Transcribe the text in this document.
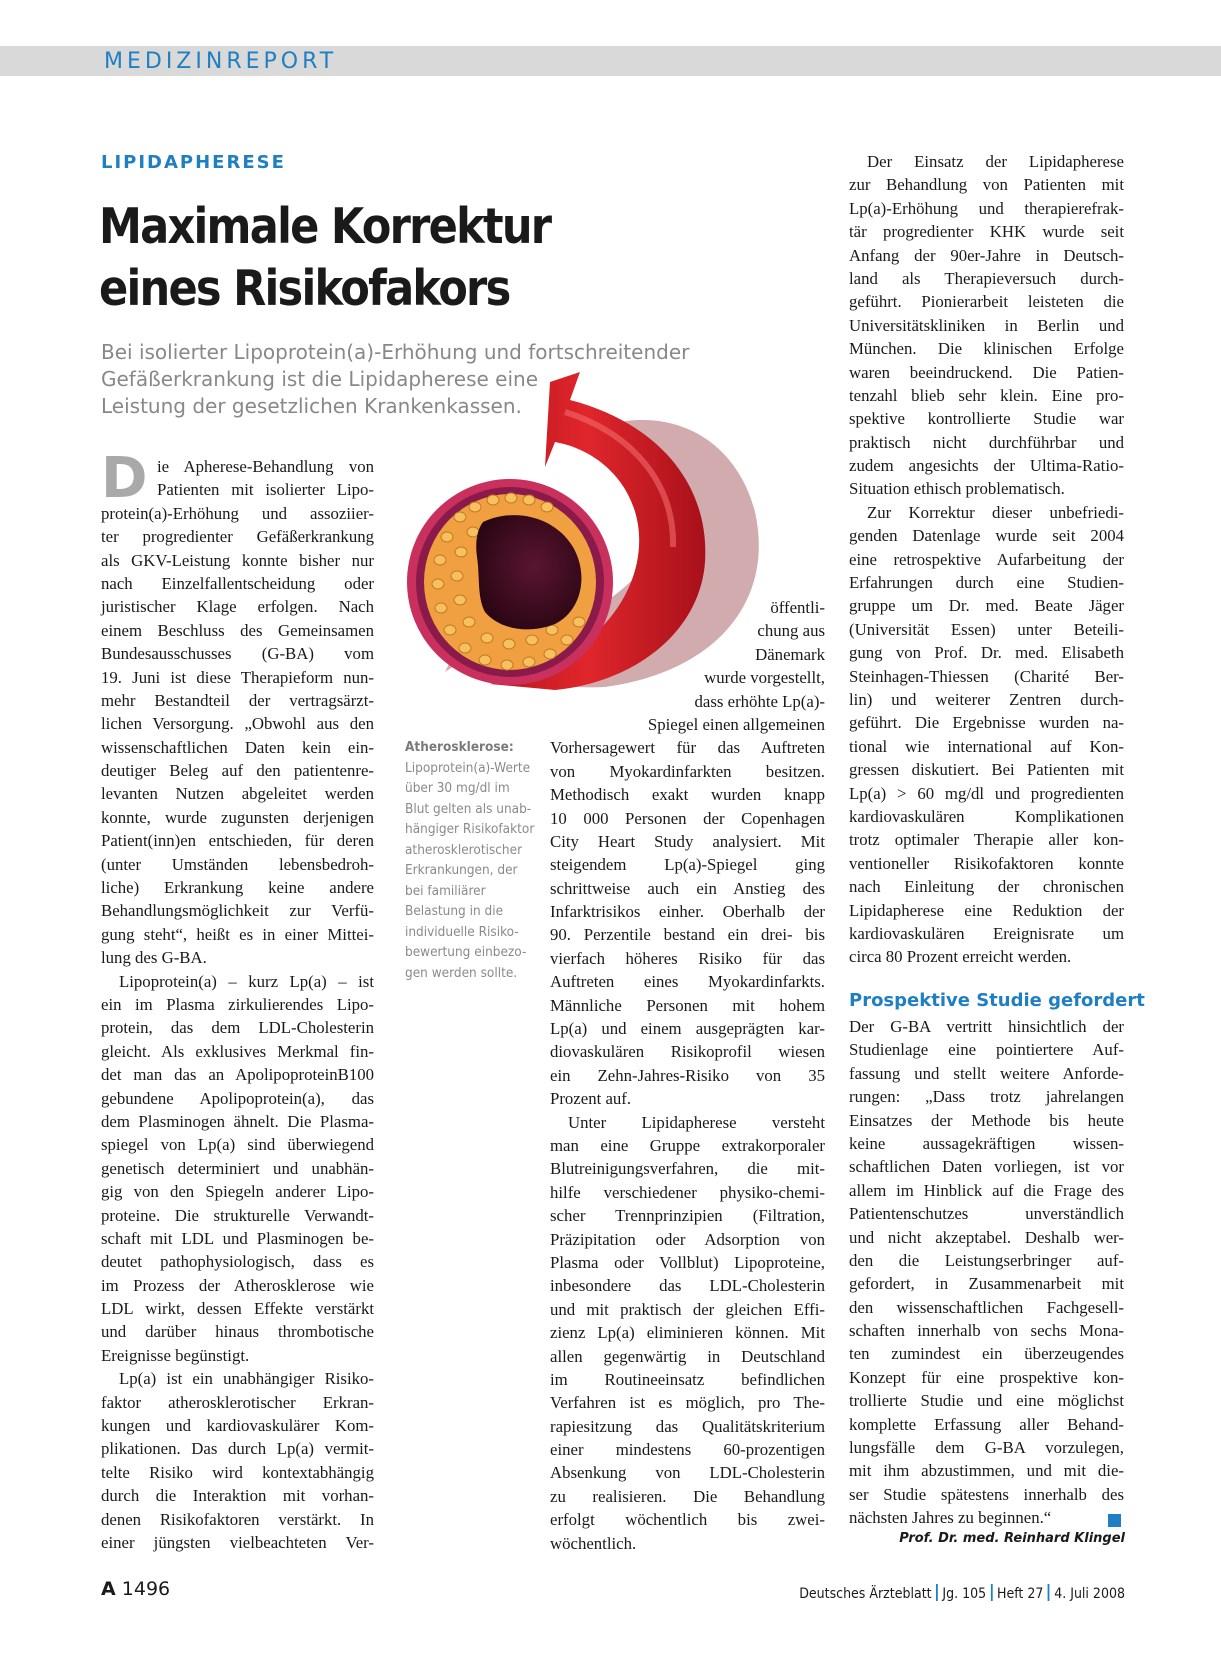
MEDIZINREPORT

LIPIDAPHERESE

Maximale Korrektur
eines Risikofakors

Bei isolierter Lipoprotein(a)-Erhöhung und fortschreitender
Gefäßerkrankung ist die Lipidapherese eine
Leistung der gesetzlichen Krankenkassen.

Atherosklerose:
Lipoprotein(a)-Werte
über 30 mg/dl im
Blut gelten als unab-
hängiger Risikofaktor
atherosklerotischer
Erkrankungen, der
bei familiärer
Belastung in die
individuelle Risiko-
bewertung einbezo-
gen werden sollte.
D ie Apherese-Behandlung von
Patienten mit isolierter Lipo-
protein(a)-Erhöhung und assoziier-
ter progredienter Gefäßerkrankung
als GKV-Leistung konnte bisher nur
nach Einzelfallentscheidung oder
juristischer Klage erfolgen. Nach
einem Beschluss des Gemeinsamen
Bundesausschusses (G-BA) vom
19. Juni ist diese Therapieform nun-
mehr Bestandteil der vertragsärzt-
lichen Versorgung. „Obwohl aus den
wissenschaftlichen Daten kein ein-
deutiger Beleg auf den patientenre-
levanten Nutzen abgeleitet werden
konnte, wurde zugunsten derjenigen
Patient(inn)en entschieden, für deren
(unter Umständen lebensbedroh-
liche) Erkrankung keine andere
Behandlungsmöglichkeit zur Verfü-
gung steht“, heißt es in einer Mittei-
lung des G-BA.
Lipoprotein(a) – kurz Lp(a) – ist
ein im Plasma zirkulierendes Lipo-
protein, das dem LDL-Cholesterin
gleicht. Als exklusives Merkmal fin-
det man das an ApolipoproteinB100
gebundene Apolipoprotein(a), das
dem Plasminogen ähnelt. Die Plasma-
spiegel von Lp(a) sind überwiegend
genetisch determiniert und unabhän-
gig von den Spiegeln anderer Lipo-
proteine. Die strukturelle Verwandt-
schaft mit LDL und Plasminogen be-
deutet pathophysiologisch, dass es
im Prozess der Atherosklerose wie
LDL wirkt, dessen Effekte verstärkt
und darüber hinaus thrombotische
Ereignisse begünstigt.
Lp(a) ist ein unabhängiger Risiko-
faktor atherosklerotischer Erkran-
kungen und kardiovaskulärer Kom-
plikationen. Das durch Lp(a) vermit-
telte Risiko wird kontextabhängig
durch die Interaktion mit vorhan-
denen Risikofaktoren verstärkt. In
einer jüngsten vielbeachteten Ver-
öffentli-
chung aus
Dänemark
wurde vorgestellt,
dass erhöhte Lp(a)-
Spiegel einen allgemeinen
Vorhersagewert für das Auftreten
von Myokardinfarkten besitzen.
Methodisch exakt wurden knapp
10 000 Personen der Copenhagen
City Heart Study analysiert. Mit
steigendem Lp(a)-Spiegel ging
schrittweise auch ein Anstieg des
Infarktrisikos einher. Oberhalb der
90. Perzentile bestand ein drei- bis
vierfach höheres Risiko für das
Auftreten eines Myokardinfarkts.
Männliche Personen mit hohem
Lp(a) und einem ausgeprägten kar-
diovaskulären Risikoprofil wiesen
ein Zehn-Jahres-Risiko von 35
Prozent auf.
Unter Lipidapherese versteht
man eine Gruppe extrakorporaler
Blutreinigungsverfahren, die mit-
hilfe verschiedener physiko-chemi-
scher Trennprinzipien (Filtration,
Präzipitation oder Adsorption von
Plasma oder Vollblut) Lipoproteine,
inbesondere das LDL-Cholesterin
und mit praktisch der gleichen Effi-
zienz Lp(a) eliminieren können. Mit
allen gegenwärtig in Deutschland
im Routineeinsatz befindlichen
Verfahren ist es möglich, pro The-
rapiesitzung das Qualitätskriterium
einer mindestens 60-prozentigen
Absenkung von LDL-Cholesterin
zu realisieren. Die Behandlung
erfolgt wöchentlich bis zwei-
wöchentlich.
Der Einsatz der Lipidapherese
zur Behandlung von Patienten mit
Lp(a)-Erhöhung und therapierefrak-
tär progredienter KHK wurde seit
Anfang der 90er-Jahre in Deutsch-
land als Therapieversuch durch-
geführt. Pionierarbeit leisteten die
Universitätskliniken in Berlin und
München. Die klinischen Erfolge
waren beeindruckend. Die Patien-
tenzahl blieb sehr klein. Eine pro-
spektive kontrollierte Studie war
praktisch nicht durchführbar und
zudem angesichts der Ultima-Ratio-
Situation ethisch problematisch.
Zur Korrektur dieser unbefriedi-
genden Datenlage wurde seit 2004
eine retrospektive Aufarbeitung der
Erfahrungen durch eine Studien-
gruppe um Dr. med. Beate Jäger
(Universität Essen) unter Beteili-
gung von Prof. Dr. med. Elisabeth
Steinhagen-Thiessen (Charité Ber-
lin) und weiterer Zentren durch-
geführt. Die Ergebnisse wurden na-
tional wie international auf Kon-
gressen diskutiert. Bei Patienten mit
Lp(a) > 60 mg/dl und progredienten
kardiovaskulären Komplikationen
trotz optimaler Therapie aller kon-
ventioneller Risikofaktoren konnte
nach Einleitung der chronischen
Lipidapherese eine Reduktion der
kardiovaskulären Ereignisrate um
circa 80 Prozent erreicht werden.
Prospektive Studie gefordert
Der G-BA vertritt hinsichtlich der
Studienlage eine pointiertere Auf-
fassung und stellt weitere Anforde-
rungen: „Dass trotz jahrelangen
Einsatzes der Methode bis heute
keine aussagekräftigen wissen-
schaftlichen Daten vorliegen, ist vor
allem im Hinblick auf die Frage des
Patientenschutzes unverständlich
und nicht akzeptabel. Deshalb wer-
den die Leistungserbringer auf-
gefordert, in Zusammenarbeit mit
den wissenschaftlichen Fachgesell-
schaften innerhalb von sechs Mona-
ten zumindest ein überzeugendes
Konzept für eine prospektive kon-
trollierte Studie und eine möglichst
komplette Erfassung aller Behand-
lungsfälle dem G-BA vorzulegen,
mit ihm abzustimmen, und mit die-
ser Studie spätestens innerhalb des
nächsten Jahres zu beginnen.“
Prof. Dr. med. Reinhard Klingel
A 1496	Deutsches Ärzteblatt Jg. 105 Heft 27 4. Juli 2008
